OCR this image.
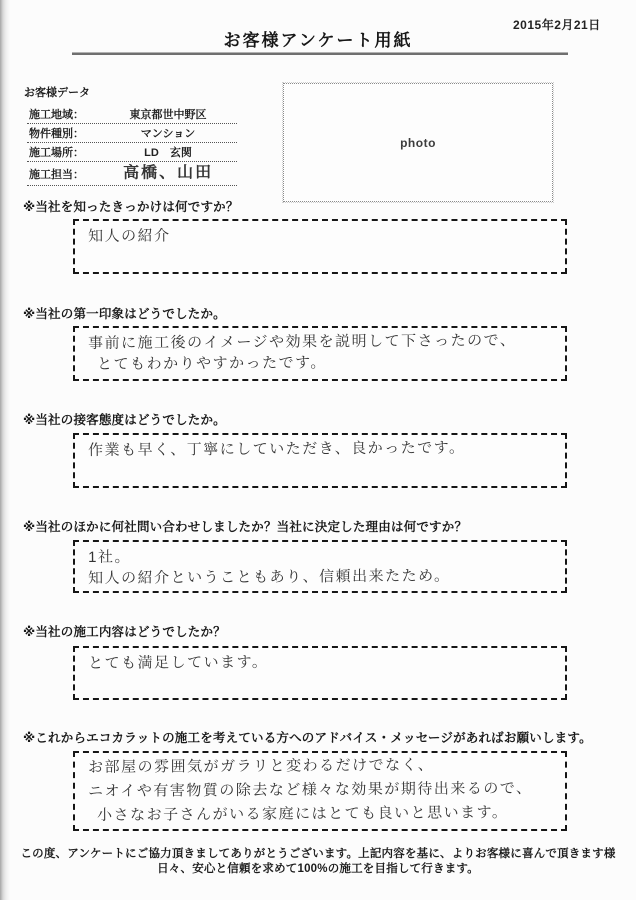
2015年2月21日
お客様アンケート用紙
お客様データ
施工地域：	東京都世中野区
物件種別：	マンション
施工場所：	LD　玄関
施工担当：	高橋、山田
photo
※当社を知ったきっかけは何ですか？
知人の紹介
※当社の第一印象はどうでしたか。
事前に施工後のイメージや効果を説明して下さったので、
とてもわかりやすかったです。
※当社の接客態度はどうでしたか。
作業も早く、丁寧にしていただき、良かったです。
※当社のほかに何社問い合わせしましたか？当社に決定した理由は何ですか？
1社。
知人の紹介ということもあり、信頼出来たため。
※当社の施工内容はどうでしたか？
とても満足しています。
※これからエコカラットの施工を考えている方へのアドバイス・メッセージがあればお願いします。
お部屋の雰囲気がガラリと変わるだけでなく、
ニオイや有害物質の除去など様々な効果が期待出来るので、
小さなお子さんがいる家庭にはとても良いと思います。
この度、アンケートにご協力頂きましてありがとうございます。上記内容を基に、よりお客様に喜んで頂きます様
日々、安心と信頼を求めて100%の施工を目指して行きます。
